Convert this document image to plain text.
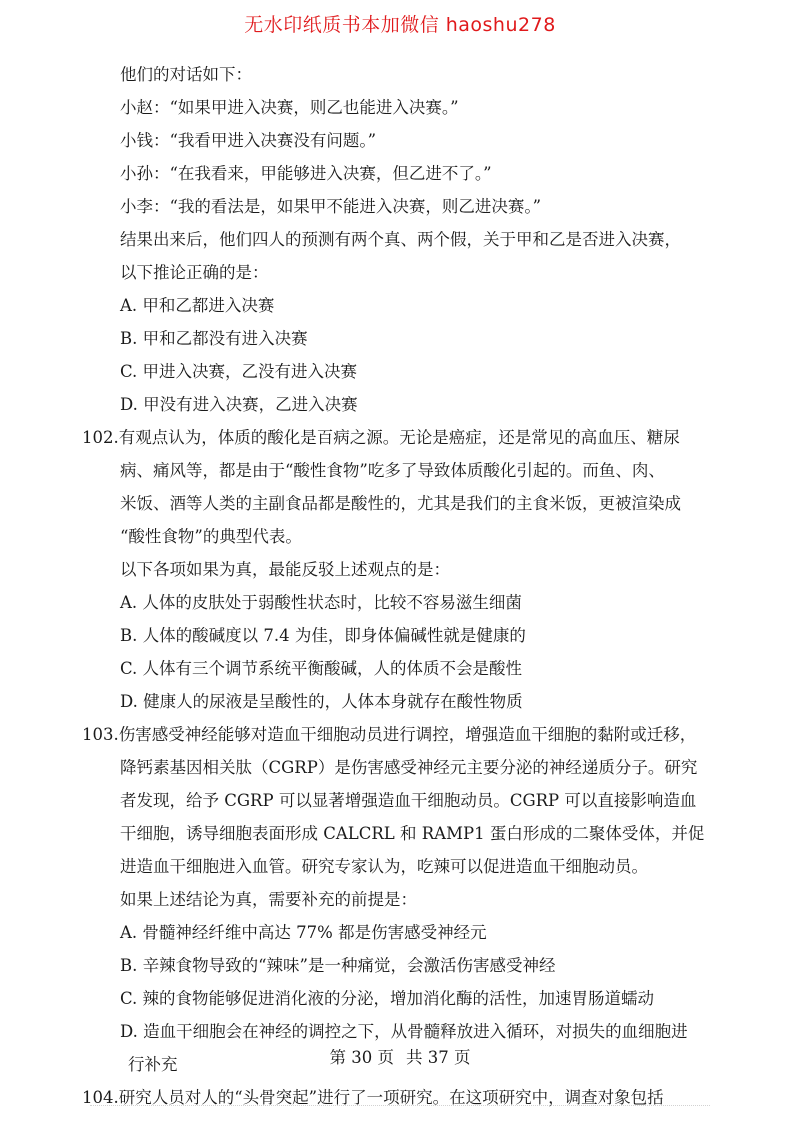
无水印纸质书本加微信 haoshu278
他们的对话如下：
小赵：“如果甲进入决赛，则乙也能进入决赛。”
小钱：“我看甲进入决赛没有问题。”
小孙：“在我看来，甲能够进入决赛，但乙进不了。”
小李：“我的看法是，如果甲不能进入决赛，则乙进决赛。”
结果出来后，他们四人的预测有两个真、两个假，关于甲和乙是否进入决赛，
以下推论正确的是：
A. 甲和乙都进入决赛
B. 甲和乙都没有进入决赛
C. 甲进入决赛，乙没有进入决赛
D. 甲没有进入决赛，乙进入决赛
102.有观点认为，体质的酸化是百病之源。无论是癌症，还是常见的高血压、糖尿
病、痛风等，都是由于“酸性食物”吃多了导致体质酸化引起的。而鱼、肉、
米饭、酒等人类的主副食品都是酸性的，尤其是我们的主食米饭，更被渲染成
“酸性食物”的典型代表。
以下各项如果为真，最能反驳上述观点的是：
A. 人体的皮肤处于弱酸性状态时，比较不容易滋生细菌
B. 人体的酸碱度以 7.4 为佳，即身体偏碱性就是健康的
C. 人体有三个调节系统平衡酸碱，人的体质不会是酸性
D. 健康人的尿液是呈酸性的，人体本身就存在酸性物质
103.伤害感受神经能够对造血干细胞动员进行调控，增强造血干细胞的黏附或迁移，
降钙素基因相关肽（CGRP）是伤害感受神经元主要分泌的神经递质分子。研究
者发现，给予 CGRP 可以显著增强造血干细胞动员。CGRP 可以直接影响造血
干细胞，诱导细胞表面形成 CALCRL 和 RAMP1 蛋白形成的二聚体受体，并促
进造血干细胞进入血管。研究专家认为，吃辣可以促进造血干细胞动员。
如果上述结论为真，需要补充的前提是：
A. 骨髓神经纤维中高达 77% 都是伤害感受神经元
B. 辛辣食物导致的“辣味”是一种痛觉，会激活伤害感受神经
C. 辣的食物能够促进消化液的分泌，增加消化酶的活性，加速胃肠道蠕动
D. 造血干细胞会在神经的调控之下，从骨髓释放进入循环，对损失的血细胞进
行补充
104.研究人员对人的“头骨突起”进行了一项研究。在这项研究中，调查对象包括
第 30 页 共 37 页
